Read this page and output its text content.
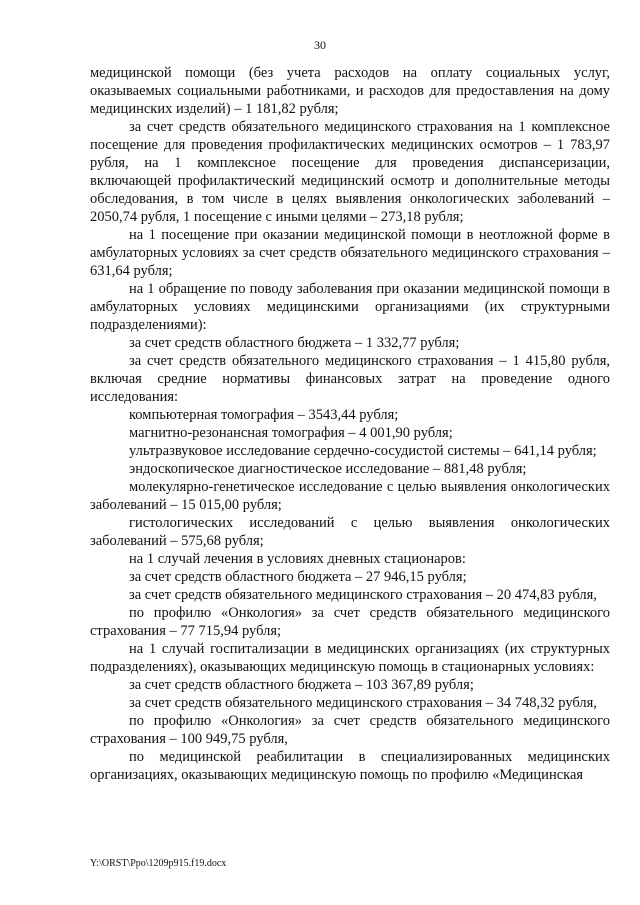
30

медицинской помощи (без учета расходов на оплату социальных услуг, оказываемых социальными работниками, и расходов для предоставления на дому медицинских изделий) – 1 181,82 рубля;

за счет средств обязательного медицинского страхования на 1 комплексное посещение для проведения профилактических медицинских осмотров – 1 783,97 рубля, на 1 комплексное посещение для проведения диспансеризации, включающей профилактический медицинский осмотр и дополнительные методы обследования, в том числе в целях выявления онкологических заболеваний – 2050,74 рубля, 1 посещение с иными целями – 273,18 рубля;

на 1 посещение при оказании медицинской помощи в неотложной форме в амбулаторных условиях за счет средств обязательного медицинского страхования – 631,64 рубля;

на 1 обращение по поводу заболевания при оказании медицинской помощи в амбулаторных условиях медицинскими организациями (их структурными подразделениями):

за счет средств областного бюджета – 1 332,77 рубля;

за счет средств обязательного медицинского страхования – 1 415,80 рубля, включая средние нормативы финансовых затрат на проведение одного исследования:

компьютерная томография – 3543,44 рубля;

магнитно-резонансная томография – 4 001,90 рубля;

ультразвуковое исследование сердечно-сосудистой системы – 641,14 рубля;

эндоскопическое диагностическое исследование – 881,48 рубля;

молекулярно-генетическое исследование с целью выявления онкологических заболеваний – 15 015,00 рубля;

гистологических исследований с целью выявления онкологических заболеваний – 575,68 рубля;

на 1 случай лечения в условиях дневных стационаров:

за счет средств областного бюджета – 27 946,15 рубля;

за счет средств обязательного медицинского страхования – 20 474,83 рубля,

по профилю «Онкология» за счет средств обязательного медицинского страхования – 77 715,94 рубля;

на 1 случай госпитализации в медицинских организациях (их структурных подразделениях), оказывающих медицинскую помощь в стационарных условиях:

за счет средств областного бюджета – 103 367,89 рубля;

за счет средств обязательного медицинского страхования – 34 748,32 рубля,

по профилю «Онкология» за счет средств обязательного медицинского страхования – 100 949,75 рубля,

по медицинской реабилитации в специализированных медицинских организациях, оказывающих медицинскую помощь по профилю «Медицинская

Y:\ORST\Ppo\1209p915.f19.docx
